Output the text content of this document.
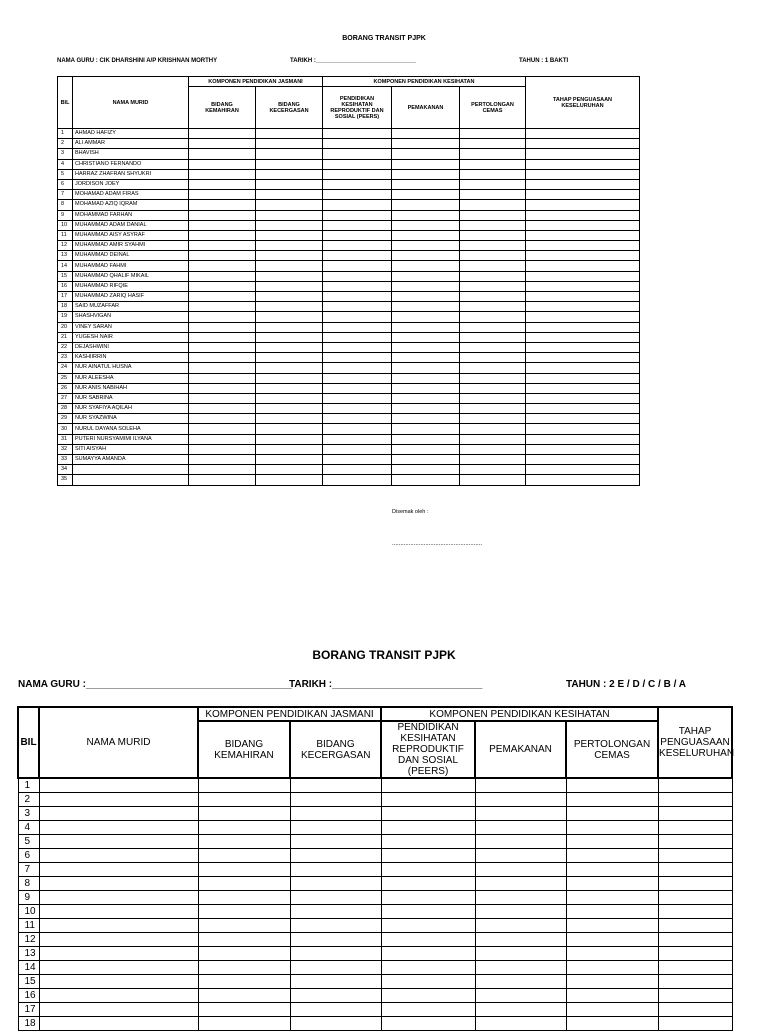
BORANG TRANSIT PJPK
NAMA GURU : CIK DHARSHINI A/P KRISHNAN MORTHY	TARIKH :______________________________	TAHUN : 1 BAKTI
BIL	NAMA MURID	KOMPONEN PENDIDIKAN JASMANI		KOMPONEN PENDIDIKAN KESIHATAN			TAHAP PENGUASAAN KESELURUHAN
		BIDANG KEMAHIRAN	BIDANG KECERGASAN	PENDIDIKAN KESIHATAN REPRODUKTIF DAN SOSIAL (PEERS)	PEMAKANAN	PERTOLONGAN CEMAS	
1	AHMAD HAFIZY						
2	ALI AMMAR						
3	BHAVISH						
4	CHRISTIANO FERNANDO						
5	HARRAZ ZHAFRAN SHYUKRI						
6	JORDISON JOEY						
7	MOHAMAD ADAM FIRAS						
8	MOHAMAD AZIQ IQRAM						
9	MOHAMMAD FARHAN						
10	MUHAMMAD ADAM DANIAL						
11	MUHAMMAD AISY ASYRAF						
12	MUHAMMAD AMIR SYAHMI						
13	MUHAMMAD DEINAL						
14	MUHAMMAD FAHMI						
15	MUHAMMAD QHALIF MIKAIL						
16	MUHAMMAD RIFQIE						
17	MUHAMMAD ZARIQ HASIF						
18	SAID MUZAFFAR						
19	SHASHVIGAN						
20	VINEY SARAN						
21	YUGESH NAIR						
22	DEJASHWINI						
23	KASHIIRRIN						
24	NUR AINATUL HUSNA						
25	NUR ALEESHA						
26	NUR ANIS NABIHAH						
27	NUR SABRINA						
28	NUR SYAFIYA AQILAH						
29	NUR SYAZWINA						
30	NURUL DAYANA SOLEHA						
31	PUTERI NURSYAMIMI ILYANA						
32	SITI AISYAH						
33	SUMAYYA AMANDA						
34							
35							
Disemak oleh :
......................................................
BORANG TRANSIT PJPK
NAMA GURU :_____________________________________
TARIKH :___________________________	TAHUN : 2 E / D / C / B / A
BIL	NAMA MURID	KOMPONEN PENDIDIKAN JASMANI		KOMPONEN PENDIDIKAN KESIHATAN			TAHAP PENGUASAAN KESELURUHAN
		BIDANG KEMAHIRAN	BIDANG KECERGASAN	PENDIDIKAN KESIHATAN REPRODUKTIF DAN SOSIAL (PEERS)	PEMAKANAN	PERTOLONGAN CEMAS	
1							
2							
3							
4							
5							
6							
7							
8							
9							
10							
11							
12							
13							
14							
15							
16							
17							
18							
